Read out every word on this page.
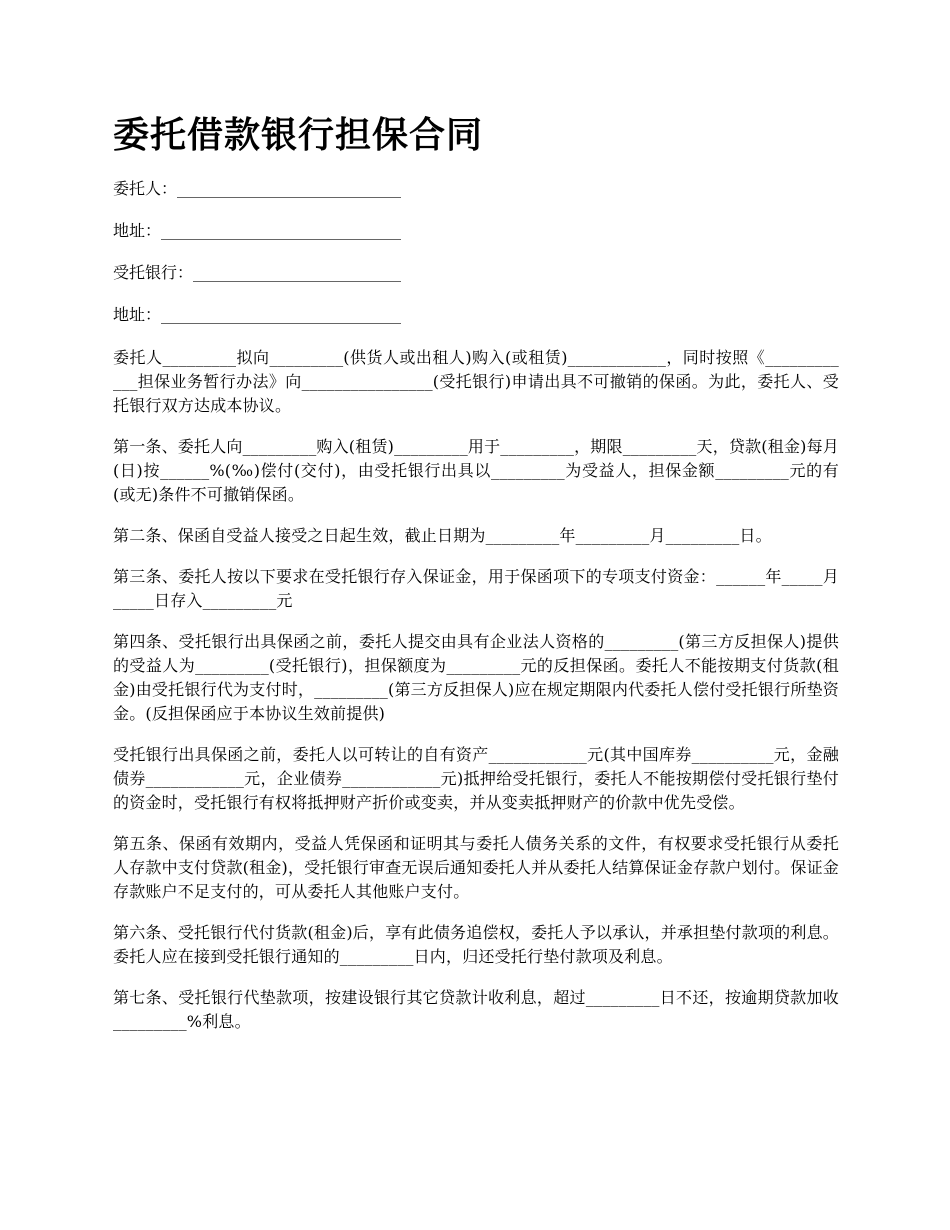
委托借款银行担保合同
委托人：____________________________
地址：______________________________
受托银行：__________________________
地址：______________________________

委托人_________拟向_________(供货人或出租人)购入(或租赁)____________，同时按照《____________担保业务暂行办法》向________________(受托银行)申请出具不可撤销的保函。为此，委托人、受托银行双方达成本协议。

第一条、委托人向_________购入(租赁)_________用于_________，期限_________天，贷款(租金)每月(日)按______%(‰)偿付(交付)，由受托银行出具以_________为受益人，担保金额_________元的有(或无)条件不可撤销保函。

第二条、保函自受益人接受之日起生效，截止日期为_________年_________月_________日。

第三条、委托人按以下要求在受托银行存入保证金，用于保函项下的专项支付资金：______年_____月_____日存入_________元

第四条、受托银行出具保函之前，委托人提交由具有企业法人资格的_________(第三方反担保人)提供的受益人为_________(受托银行)，担保额度为_________元的反担保函。委托人不能按期支付货款(租金)由受托银行代为支付时，_________(第三方反担保人)应在规定期限内代委托人偿付受托银行所垫资金。(反担保函应于本协议生效前提供)

受托银行出具保函之前，委托人以可转让的自有资产____________元(其中国库券__________元，金融债券____________元，企业债券____________元)抵押给受托银行，委托人不能按期偿付受托银行垫付的资金时，受托银行有权将抵押财产折价或变卖，并从变卖抵押财产的价款中优先受偿。

第五条、保函有效期内，受益人凭保函和证明其与委托人债务关系的文件，有权要求受托银行从委托人存款中支付贷款(租金)，受托银行审查无误后通知委托人并从委托人结算保证金存款户划付。保证金存款账户不足支付的，可从委托人其他账户支付。

第六条、受托银行代付货款(租金)后，享有此债务追偿权，委托人予以承认，并承担垫付款项的利息。委托人应在接到受托银行通知的_________日内，归还受托行垫付款项及利息。

第七条、受托银行代垫款项，按建设银行其它贷款计收利息，超过_________日不还，按逾期贷款加收_________%利息。
